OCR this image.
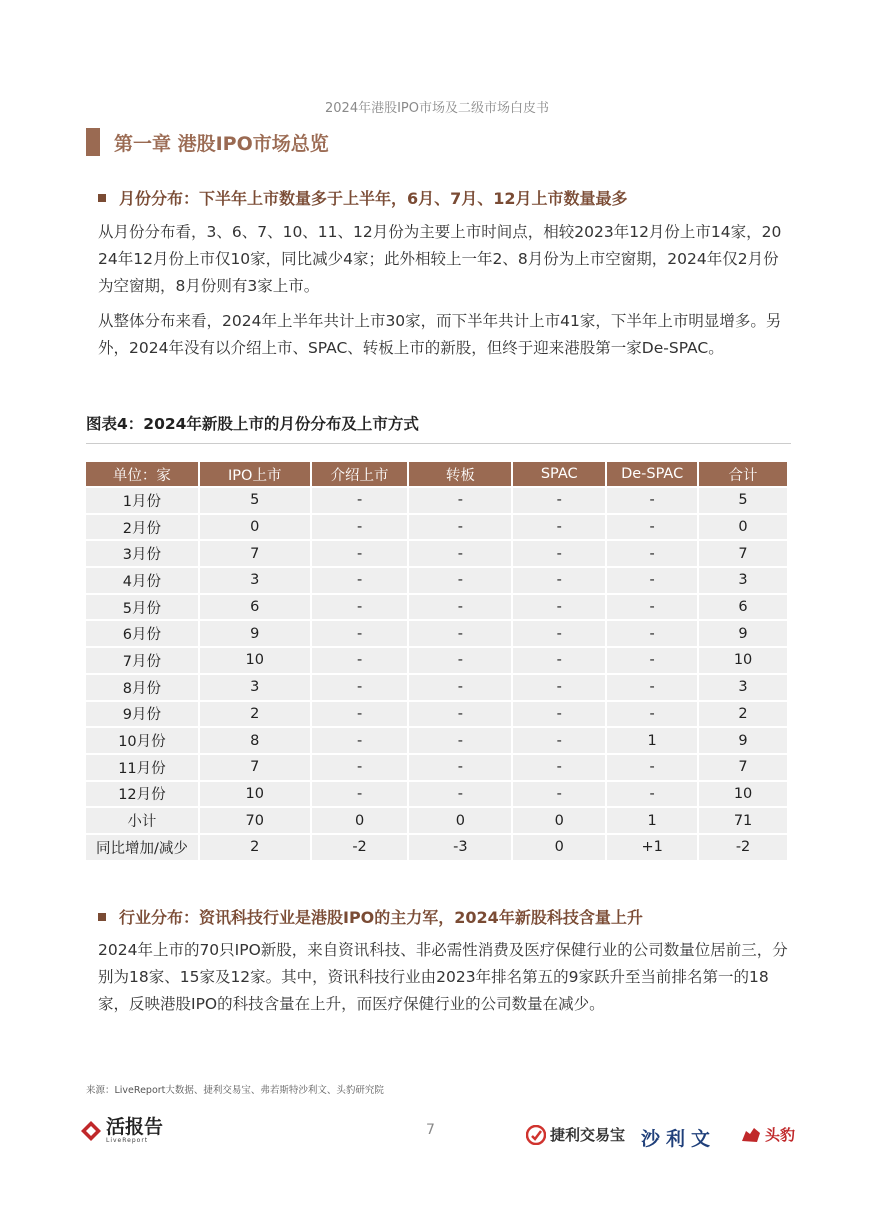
2024年港股IPO市场及二级市场白皮书
第一章 港股IPO市场总览
月份分布：下半年上市数量多于上半年，6月、7月、12月上市数量最多

从月份分布看，3、6、7、10、11、12月份为主要上市时间点，相较2023年12月份上市14家，2024年12月份上市仅10家，同比减少4家；此外相较上一年2、8月份为上市空窗期，2024年仅2月份为空窗期，8月份则有3家上市。

从整体分布来看，2024年上半年共计上市30家，而下半年共计上市41家，下半年上市明显增多。另外，2024年没有以介绍上市、SPAC、转板上市的新股，但终于迎来港股第一家De-SPAC。

图表4：2024年新股上市的月份分布及上市方式
单位：家	IPO上市	介绍上市	转板	SPAC	De-SPAC	合计
1月份	5	-	-	-	-	5
2月份	0	-	-	-	-	0
3月份	7	-	-	-	-	7
4月份	3	-	-	-	-	3
5月份	6	-	-	-	-	6
6月份	9	-	-	-	-	9
7月份	10	-	-	-	-	10
8月份	3	-	-	-	-	3
9月份	2	-	-	-	-	2
10月份	8	-	-	-	1	9
11月份	7	-	-	-	-	7
12月份	10	-	-	-	-	10
小计	70	0	0	0	1	71
同比增加/减少	2	-2	-3	0	+1	-2
来源：LiveReport大数据、捷利交易宝、弗若斯特沙利文、头豹研究院
行业分布：资讯科技行业是港股IPO的主力军，2024年新股科技含量上升

2024年上市的70只IPO新股，来自资讯科技、非必需性消费及医疗保健行业的公司数量位居前三，分别为18家、15家及12家。其中，资讯科技行业由2023年排名第五的9家跃升至当前排名第一的18家，反映港股IPO的科技含量在上升，而医疗保健行业的公司数量在减少。

活报告
LiveReport
7	捷利交易宝 沙利文	头豹
